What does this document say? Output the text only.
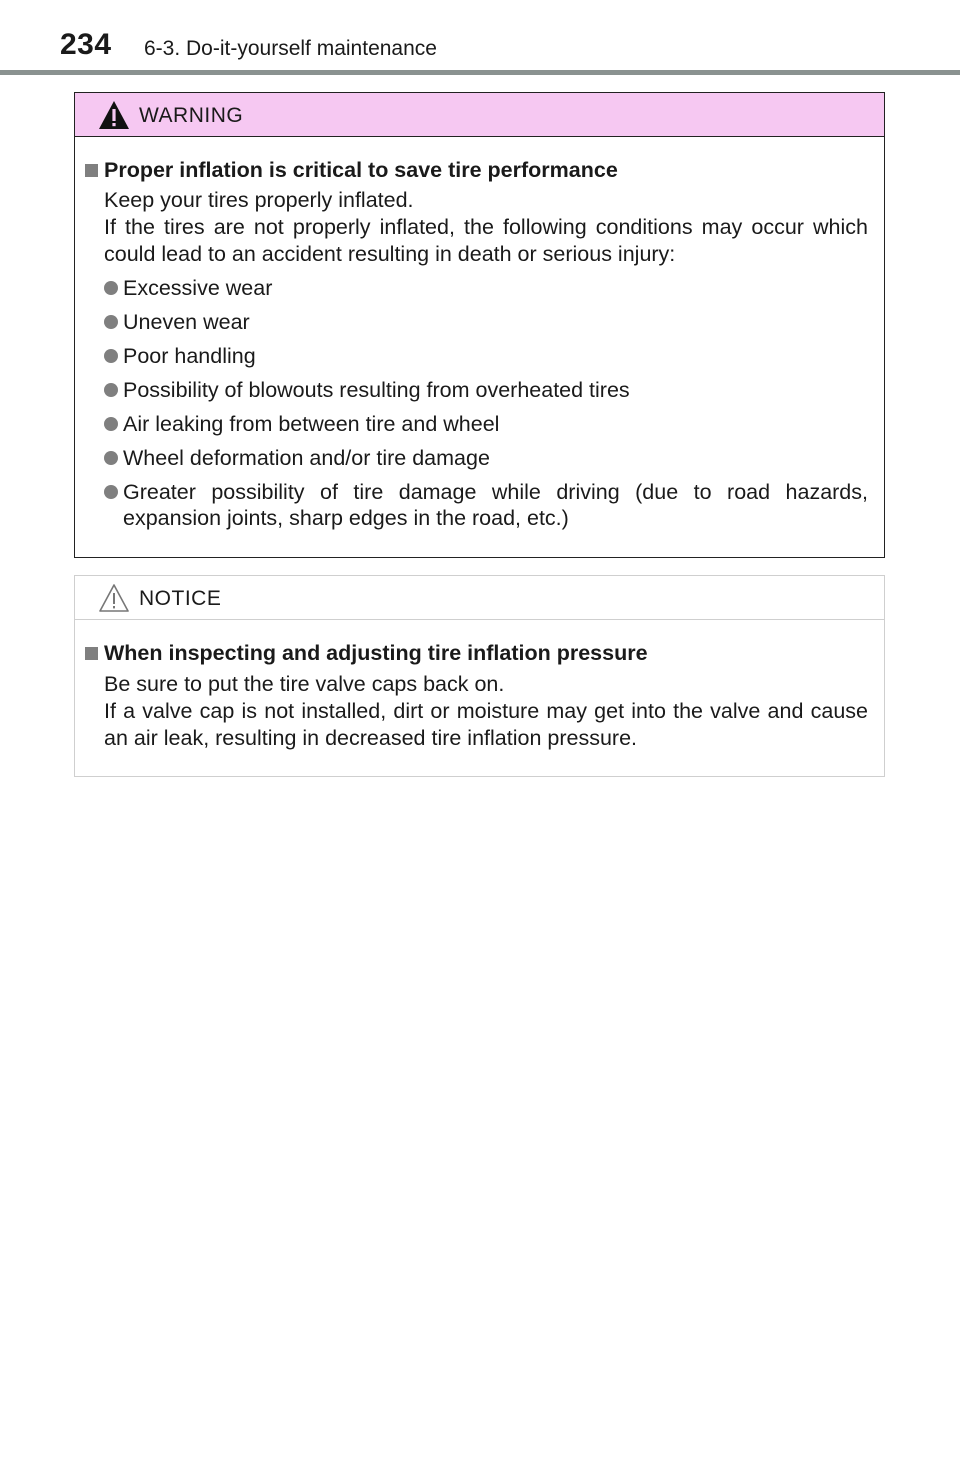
234 6-3. Do-it-yourself maintenance
WARNING
Proper inflation is critical to save tire performance
Keep your tires properly inflated.
If the tires are not properly inflated, the following conditions may occur which could lead to an accident resulting in death or serious injury:
Excessive wear
Uneven wear
Poor handling
Possibility of blowouts resulting from overheated tires
Air leaking from between tire and wheel
Wheel deformation and/or tire damage
Greater possibility of tire damage while driving (due to road hazards, expansion joints, sharp edges in the road, etc.)
NOTICE
When inspecting and adjusting tire inflation pressure
Be sure to put the tire valve caps back on.
If a valve cap is not installed, dirt or moisture may get into the valve and cause an air leak, resulting in decreased tire inflation pressure.
